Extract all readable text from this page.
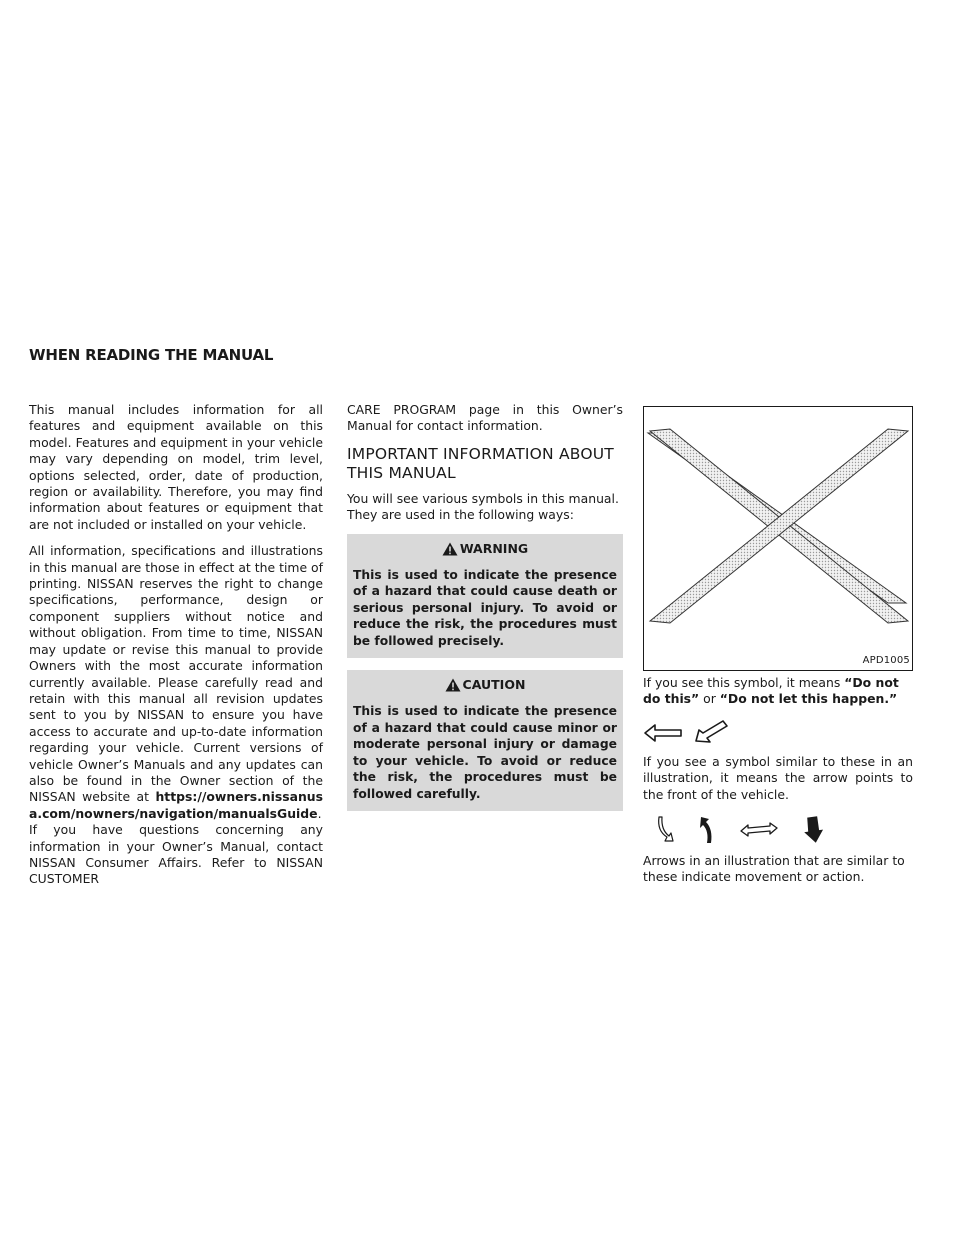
WHEN READING THE MANUAL

This manual includes information for all features and equipment available on this model. Features and equipment in your vehicle may vary depending on model, trim level, options selected, order, date of production, region or availability. Therefore, you may find information about features or equipment that are not included or installed on your vehicle.

All information, specifications and illustrations in this manual are those in effect at the time of printing. NISSAN reserves the right to change specifications, performance, design or component suppliers without notice and without obligation. From time to time, NISSAN may update or revise this manual to provide Owners with the most accurate information currently available. Please carefully read and retain with this manual all revision updates sent to you by NISSAN to ensure you have access to accurate and up-to-date information regarding your vehicle. Current versions of vehicle Owner’s Manuals and any updates can also be found in the Owner section of the NISSAN website at https://owners.nissanusa.com/nowners/navigation/manualsGuide. If you have questions concerning any information in your Owner’s Manual, contact NISSAN Consumer Affairs. Refer to NISSAN CUSTOMER

CARE PROGRAM page in this Owner’s Manual for contact information.

IMPORTANT INFORMATION ABOUT THIS MANUAL

You will see various symbols in this manual. They are used in the following ways:

WARNING
This is used to indicate the presence of a hazard that could cause death or serious personal injury. To avoid or reduce the risk, the procedures must be followed precisely.
CAUTION
This is used to indicate the presence of a hazard that could cause minor or moderate personal injury or damage to your vehicle. To avoid or reduce the risk, the procedures must be followed carefully.
APD1005

If you see this symbol, it means “Do not do this” or “Do not let this happen.”

If you see a symbol similar to these in an illustration, it means the arrow points to the front of the vehicle.

Arrows in an illustration that are similar to these indicate movement or action.
